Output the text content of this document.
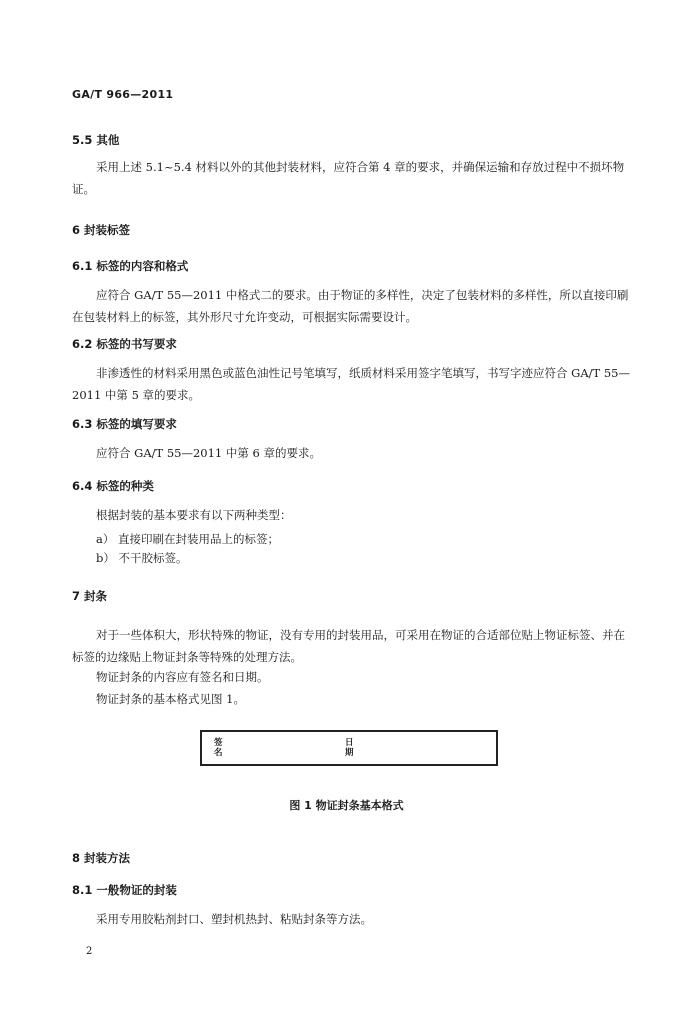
GA/T 966—2011
5.5 其他
采用上述 5.1~5.4 材料以外的其他封装材料，应符合第 4 章的要求，并确保运输和存放过程中不损坏物证。
6 封装标签
6.1 标签的内容和格式
应符合 GA/T 55—2011 中格式二的要求。由于物证的多样性，决定了包装材料的多样性，所以直接印刷在包装材料上的标签，其外形尺寸允许变动，可根据实际需要设计。
6.2 标签的书写要求
非渗透性的材料采用黑色或蓝色油性记号笔填写，纸质材料采用签字笔填写，书写字迹应符合 GA/T 55—2011 中第 5 章的要求。
6.3 标签的填写要求
应符合 GA/T 55—2011 中第 6 章的要求。
6.4 标签的种类
根据封装的基本要求有以下两种类型：
a） 直接印刷在封装用品上的标签；
b） 不干胶标签。
7 封条
对于一些体积大，形状特殊的物证，没有专用的封装用品，可采用在物证的合适部位贴上物证标签、并在标签的边缘贴上物证封条等特殊的处理方法。
物证封条的内容应有签名和日期。
物证封条的基本格式见图 1。
签
名
日
期
图 1 物证封条基本格式
8 封装方法
8.1 一般物证的封装
采用专用胶粘剂封口、塑封机热封、粘贴封条等方法。
2
